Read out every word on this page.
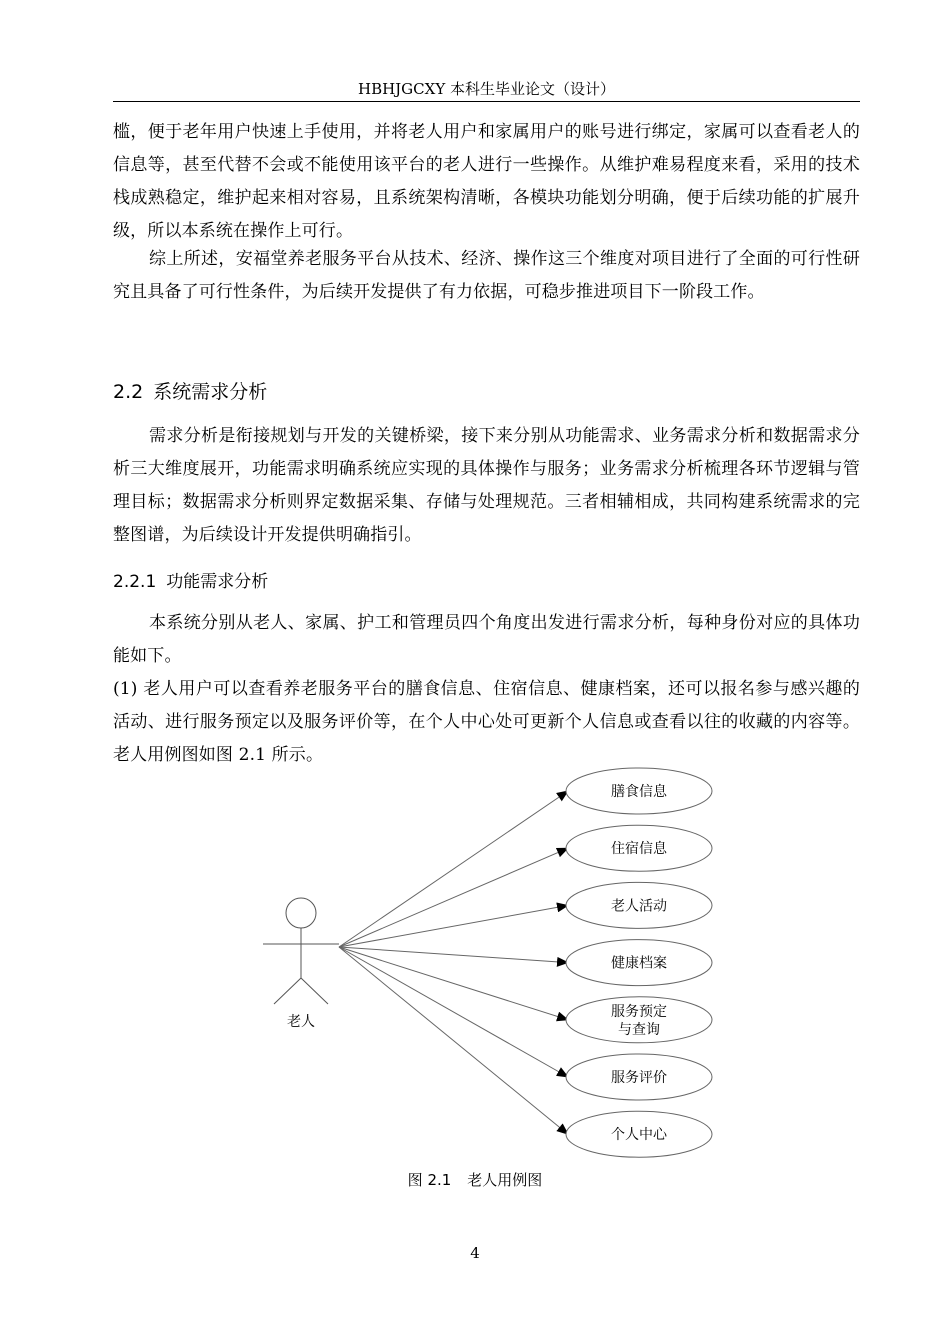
HBHJGCXY 本科生毕业论文（设计）

槛，便于老年用户快速上手使用，并将老人用户和家属用户的账号进行绑定，家属可以查看老人的信息等，甚至代替不会或不能使用该平台的老人进行一些操作。从维护难易程度来看，采用的技术栈成熟稳定，维护起来相对容易，且系统架构清晰，各模块功能划分明确，便于后续功能的扩展升级，所以本系统在操作上可行。

综上所述，安福堂养老服务平台从技术、经济、操作这三个维度对项目进行了全面的可行性研究且具备了可行性条件，为后续开发提供了有力依据，可稳步推进项目下一阶段工作。

2.2 系统需求分析

需求分析是衔接规划与开发的关键桥梁，接下来分别从功能需求、业务需求分析和数据需求分析三大维度展开，功能需求明确系统应实现的具体操作与服务；业务需求分析梳理各环节逻辑与管理目标；数据需求分析则界定数据采集、存储与处理规范。三者相辅相成，共同构建系统需求的完整图谱，为后续设计开发提供明确指引。

2.2.1 功能需求分析

本系统分别从老人、家属、护工和管理员四个角度出发进行需求分析，每种身份对应的具体功能如下。

(1) 老人用户可以查看养老服务平台的膳食信息、住宿信息、健康档案，还可以报名参与感兴趣的活动、进行服务预定以及服务评价等，在个人中心处可更新个人信息或查看以往的收藏的内容等。老人用例图如图 2.1 所示。

老人
膳食信息
住宿信息
老人活动
健康档案
服务预定
与查询
服务评价
个人中心
图 2.1 老人用例图
4
